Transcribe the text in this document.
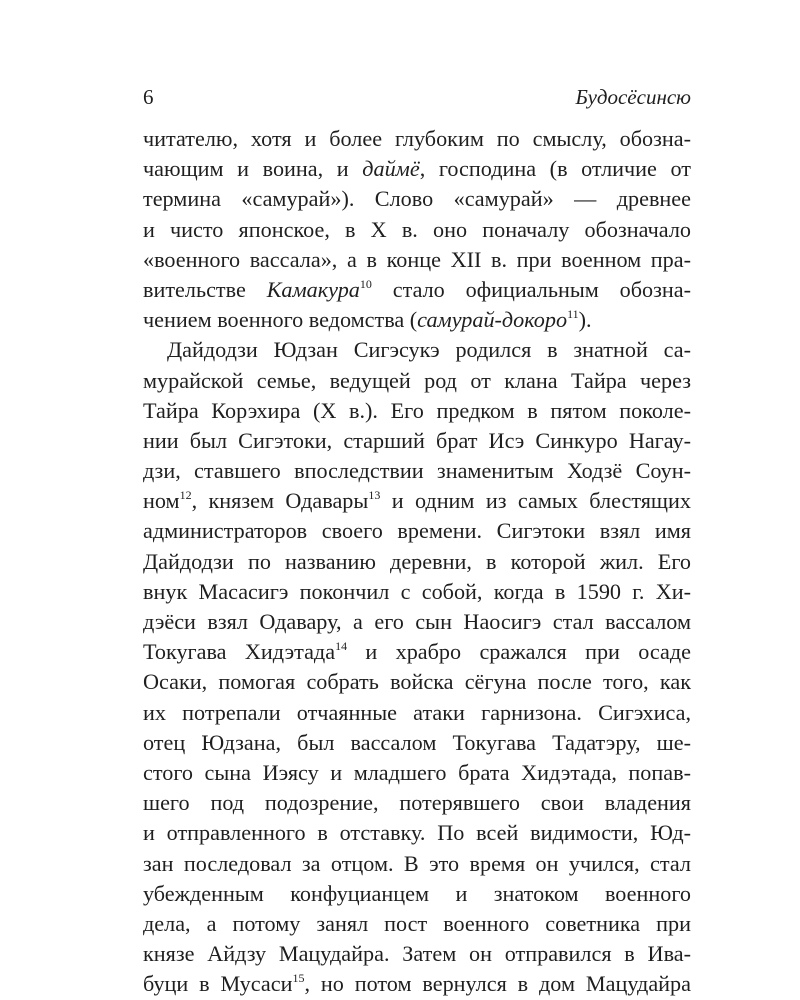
6	Будосёсинсю
читателю, хотя и более глубоким по смыслу, обозна-
чающим и воина, и даймё, господина (в отличие от
термина «самурай»). Слово «самурай» — древнее
и чисто японское, в X в. оно поначалу обозначало
«военного вассала», а в конце XII в. при военном пра-
вительстве Камакура$^{10}$ стало официальным обозна-
чением военного ведомства (самурай-докоро$^{11}$).
Дайдодзи Юдзан Сигэсукэ родился в знатной са-
мурайской семье, ведущей род от клана Тайра через
Тайра Корэхира (X в.). Его предком в пятом поколе-
нии был Сигэтоки, старший брат Исэ Синкуро Нагау-
дзи, ставшего впоследствии знаменитым Ходзё Соун-
ном$^{12}$, князем Одавары$^{13}$ и одним из самых блестящих
администраторов своего времени. Сигэтоки взял имя
Дайдодзи по названию деревни, в которой жил. Его
внук Масасигэ покончил с собой, когда в 1590 г. Хи-
дэёси взял Одавару, а его сын Наосигэ стал вассалом
Токугава Хидэтада$^{14}$ и храбро сражался при осаде
Осаки, помогая собрать войска сёгуна после того, как
их потрепали отчаянные атаки гарнизона. Сигэхиса,
отец Юдзана, был вассалом Токугава Тадатэру, ше-
стого сына Иэясу и младшего брата Хидэтада, попав-
шего под подозрение, потерявшего свои владения
и отправленного в отставку. По всей видимости, Юд-
зан последовал за отцом. В это время он учился, стал
убежденным конфуцианцем и знатоком военного
дела, а потому занял пост военного советника при
князе Айдзу Мацудайра. Затем он отправился в Ива-
буци в Мусаси$^{15}$, но потом вернулся в дом Мацудайра
